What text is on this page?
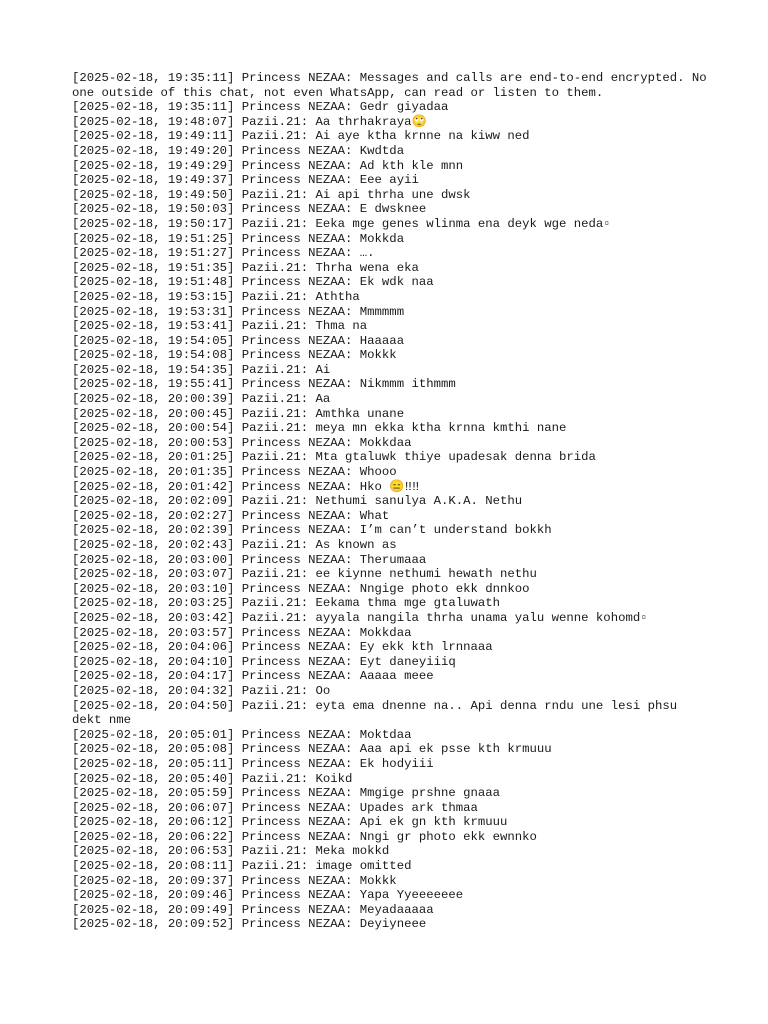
[2025-02-18, 19:35:11] Princess NEZAA: Messages and calls are end-to-end encrypted. No one outside of this chat, not even WhatsApp, can read or listen to them.
[2025-02-18, 19:35:11] Princess NEZAA: Gedr giyadaa
[2025-02-18, 19:48:07] Pazii.21: Aa thrhakraya🙄
[2025-02-18, 19:49:11] Pazii.21: Ai aye ktha krnne na kiww ned
[2025-02-18, 19:49:20] Princess NEZAA: Kwdtda
[2025-02-18, 19:49:29] Princess NEZAA: Ad kth kle mnn
[2025-02-18, 19:49:37] Princess NEZAA: Eee ayii
[2025-02-18, 19:49:50] Pazii.21: Ai api thrha une dwsk
[2025-02-18, 19:50:03] Princess NEZAA: E dwsknee
[2025-02-18, 19:50:17] Pazii.21: Eeka mge genes wlinma ena deyk wge neda▫
[2025-02-18, 19:51:25] Princess NEZAA: Mokkda
[2025-02-18, 19:51:27] Princess NEZAA: ….
[2025-02-18, 19:51:35] Pazii.21: Thrha wena eka
[2025-02-18, 19:51:48] Princess NEZAA: Ek wdk naa
[2025-02-18, 19:53:15] Pazii.21: Aththa
[2025-02-18, 19:53:31] Princess NEZAA: Mmmmmm
[2025-02-18, 19:53:41] Pazii.21: Thma na
[2025-02-18, 19:54:05] Princess NEZAA: Haaaaa
[2025-02-18, 19:54:08] Princess NEZAA: Mokkk
[2025-02-18, 19:54:35] Pazii.21: Ai
[2025-02-18, 19:55:41] Princess NEZAA: Nikmmm ithmmm
[2025-02-18, 20:00:39] Pazii.21: Aa
[2025-02-18, 20:00:45] Pazii.21: Amthka unane
[2025-02-18, 20:00:54] Pazii.21: meya mn ekka ktha krnna kmthi nane
[2025-02-18, 20:00:53] Princess NEZAA: Mokkdaa
[2025-02-18, 20:01:25] Pazii.21: Mta gtaluwk thiye upadesak denna brida
[2025-02-18, 20:01:35] Princess NEZAA: Whooo
[2025-02-18, 20:01:42] Princess NEZAA: Hko 😑‼‼
[2025-02-18, 20:02:09] Pazii.21: Nethumi sanulya A.K.A. Nethu
[2025-02-18, 20:02:27] Princess NEZAA: What
[2025-02-18, 20:02:39] Princess NEZAA: I’m can’t understand bokkh
[2025-02-18, 20:02:43] Pazii.21: As known as
[2025-02-18, 20:03:00] Princess NEZAA: Therumaaa
[2025-02-18, 20:03:07] Pazii.21: ee kiynne nethumi hewath nethu
[2025-02-18, 20:03:10] Princess NEZAA: Nngige photo ekk dnnkoo
[2025-02-18, 20:03:25] Pazii.21: Eekama thma mge gtaluwath
[2025-02-18, 20:03:42] Pazii.21: ayyala nangila thrha unama yalu wenne kohomd▫
[2025-02-18, 20:03:57] Princess NEZAA: Mokkdaa
[2025-02-18, 20:04:06] Princess NEZAA: Ey ekk kth lrnnaaa
[2025-02-18, 20:04:10] Princess NEZAA: Eyt daneyiiiq
[2025-02-18, 20:04:17] Princess NEZAA: Aaaaa meee
[2025-02-18, 20:04:32] Pazii.21: Oo
[2025-02-18, 20:04:50] Pazii.21: eyta ema dnenne na.. Api denna rndu une lesi phsu dekt nme
[2025-02-18, 20:05:01] Princess NEZAA: Moktdaa
[2025-02-18, 20:05:08] Princess NEZAA: Aaa api ek psse kth krmuuu
[2025-02-18, 20:05:11] Princess NEZAA: Ek hodyiii
[2025-02-18, 20:05:40] Pazii.21: Koikd
[2025-02-18, 20:05:59] Princess NEZAA: Mmgige prshne gnaaa
[2025-02-18, 20:06:07] Princess NEZAA: Upades ark thmaa
[2025-02-18, 20:06:12] Princess NEZAA: Api ek gn kth krmuuu
[2025-02-18, 20:06:22] Princess NEZAA: Nngi gr photo ekk ewnnko
[2025-02-18, 20:06:53] Pazii.21: Meka mokkd
[2025-02-18, 20:08:11] Pazii.21: image omitted
[2025-02-18, 20:09:37] Princess NEZAA: Mokkk
[2025-02-18, 20:09:46] Princess NEZAA: Yapa Yyeeeeeee
[2025-02-18, 20:09:49] Princess NEZAA: Meyadaaaaa
[2025-02-18, 20:09:52] Princess NEZAA: Deyiyneee
